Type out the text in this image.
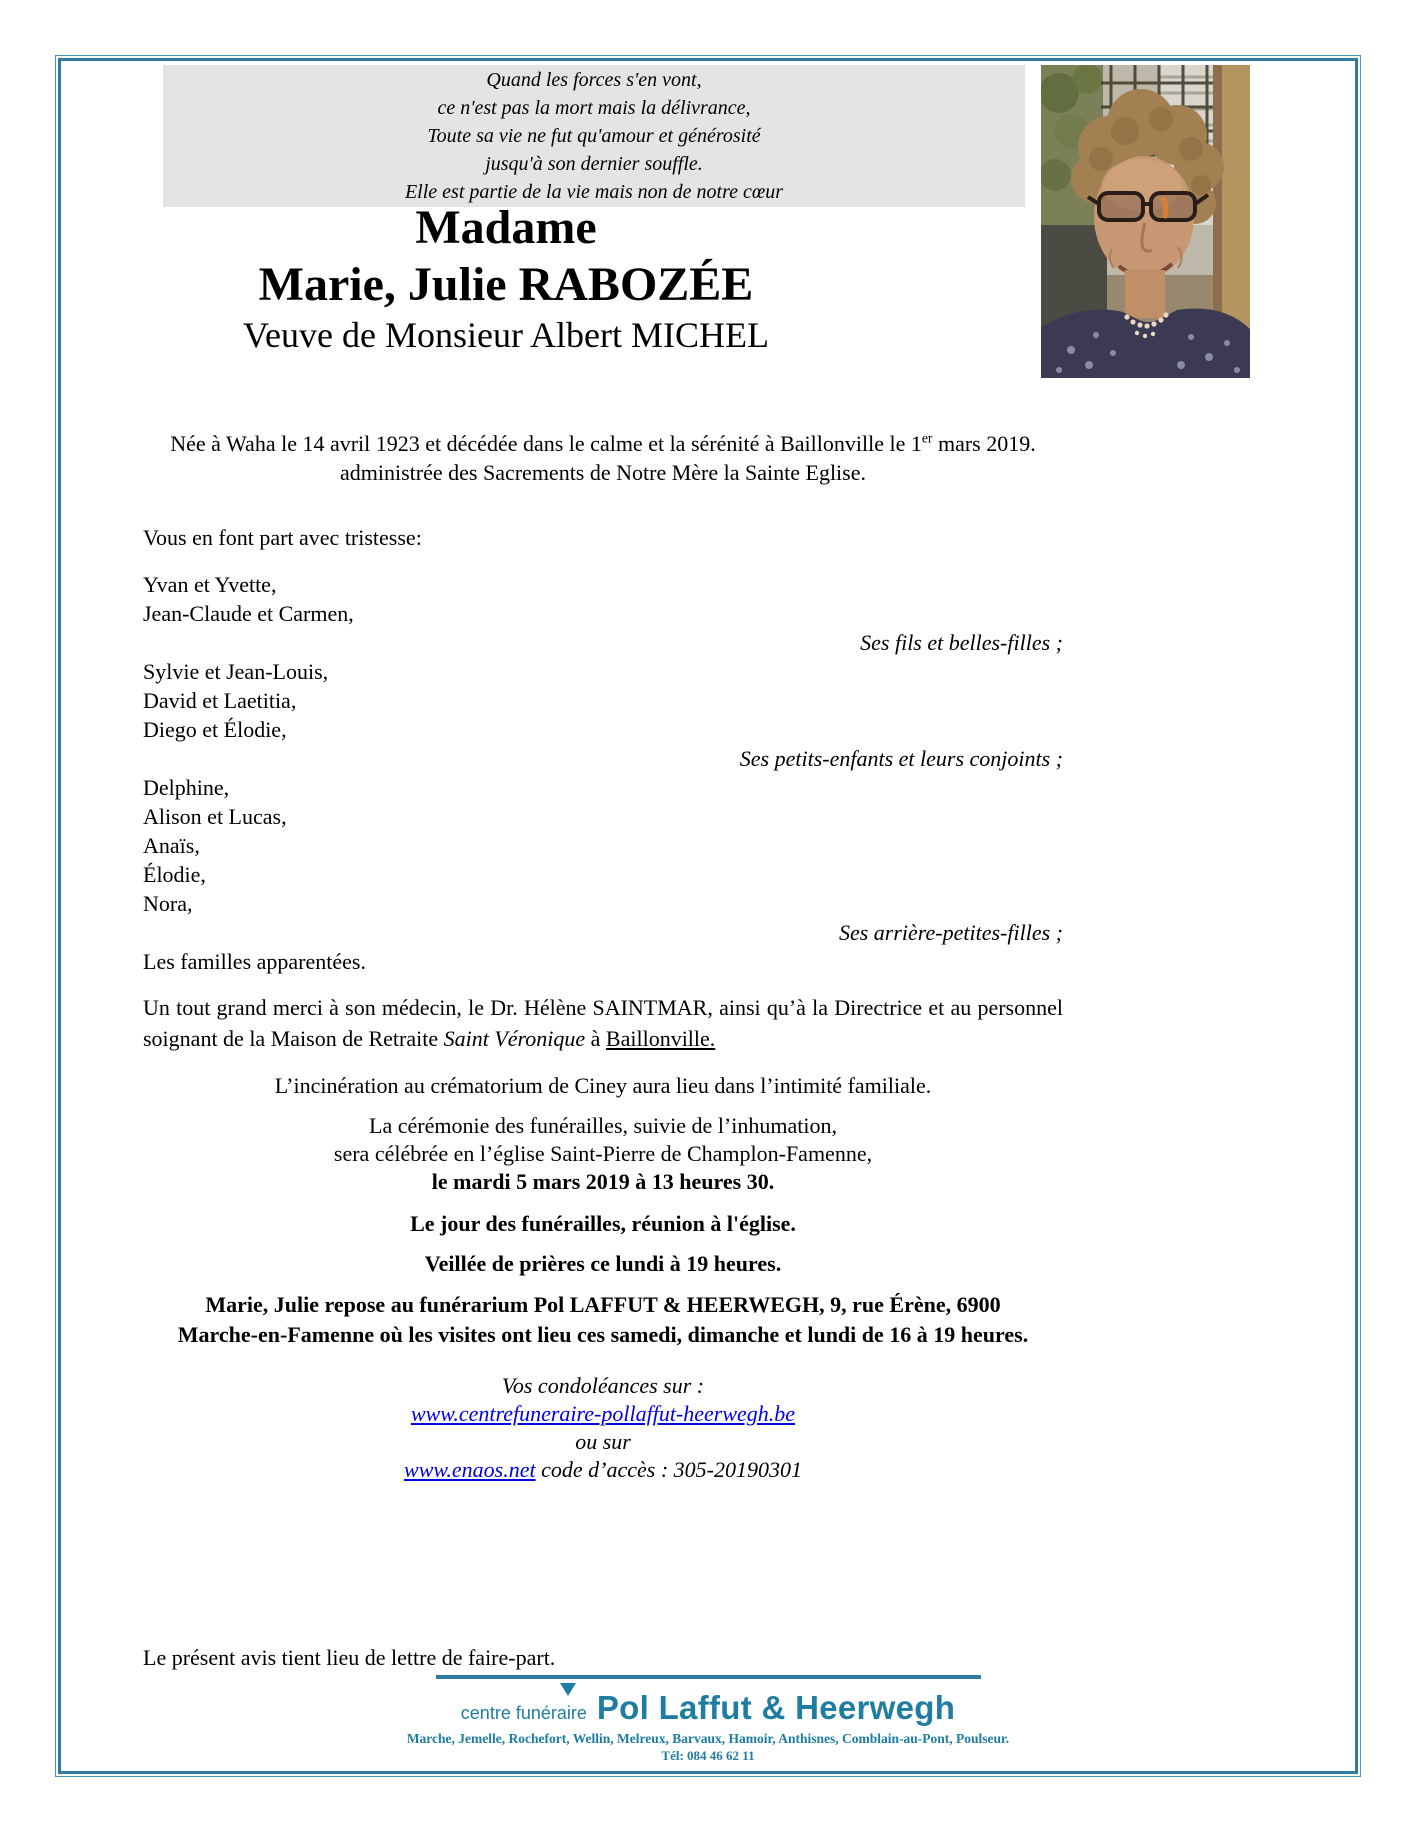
Quand les forces s'en vont,
ce n'est pas la mort mais la délivrance,
Toute sa vie ne fut qu'amour et générosité
jusqu'à son dernier souffle.
Elle est partie de la vie mais non de notre cœur
Madame
Marie, Julie RABOZÉE
Veuve de Monsieur Albert MICHEL
Née à Waha le 14 avril 1923 et décédée dans le calme et la sérénité à Baillonville le 1er mars 2019.
administrée des Sacrements de Notre Mère la Sainte Eglise.
Vous en font part avec tristesse:
Yvan et Yvette,
Jean-Claude et Carmen,
Ses fils et belles-filles ;
Sylvie et Jean-Louis,
David et Laetitia,
Diego et Élodie,
Ses petits-enfants et leurs conjoints ;
Delphine,
Alison et Lucas,
Anaïs,
Élodie,
Nora,
Ses arrière-petites-filles ;
Les familles apparentées.
Un tout grand merci à son médecin, le Dr. Hélène SAINTMAR, ainsi qu’à la Directrice et au personnel soignant de la Maison de Retraite Saint Véronique à Baillonville.
L’incinération au crématorium de Ciney aura lieu dans l’intimité familiale.
La cérémonie des funérailles, suivie de l’inhumation,
sera célébrée en l’église Saint-Pierre de Champlon-Famenne,
le mardi 5 mars 2019 à 13 heures 30.
Le jour des funérailles, réunion à l'église.
Veillée de prières ce lundi à 19 heures.
Marie, Julie repose au funérarium Pol LAFFUT & HEERWEGH, 9, rue Érène, 6900
Marche-en-Famenne où les visites ont lieu ces samedi, dimanche et lundi de 16 à 19 heures.
Vos condoléances sur :
www.centrefuneraire-pollaffut-heerwegh.be
ou sur
www.enaos.net code d’accès : 305-20190301
Le présent avis tient lieu de lettre de faire-part.
centre funéraire Pol Laffut & Heerwegh
Marche, Jemelle, Rochefort, Wellin, Melreux, Barvaux, Hamoir, Anthisnes, Comblain-au-Pont, Poulseur.
Tél: 084 46 62 11
